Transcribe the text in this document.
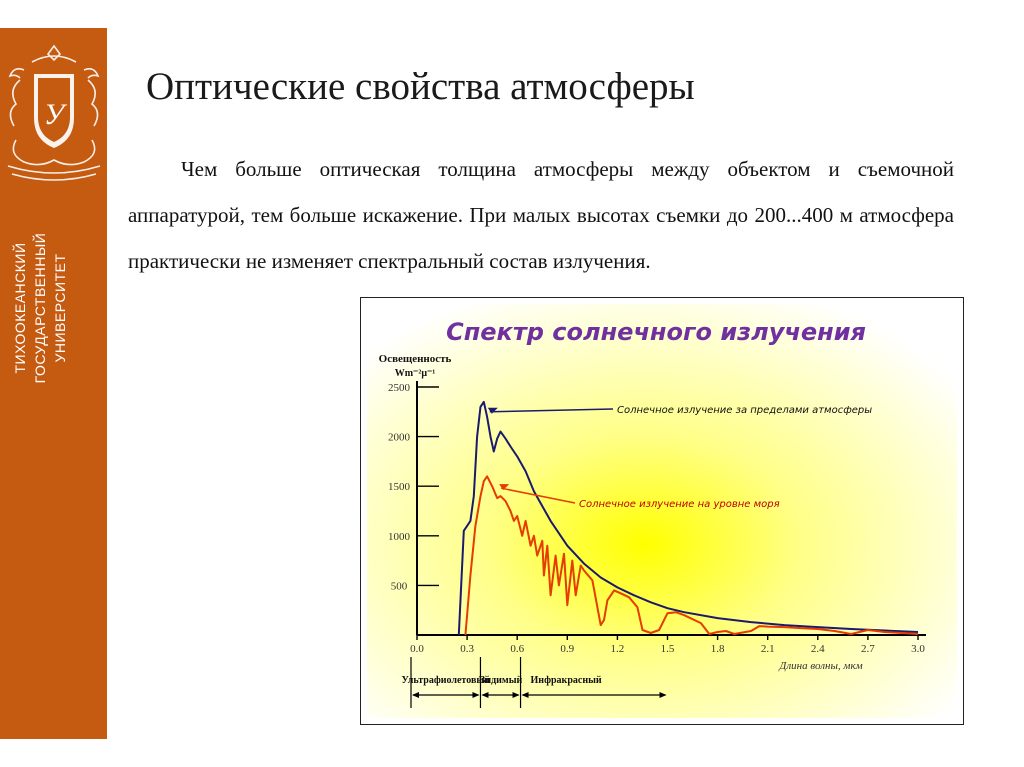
У
ТИХООКЕАНСКИЙ ГОСУДАРСТВЕННЫЙ УНИВЕРСИТЕТ
Оптические свойства атмосферы

Чем больше оптическая толщина атмосферы между объектом и съемочной аппаратурой, тем больше искажение. При малых высотах съемки до 200...400 м атмосфера практически не изменяет спектральный состав излучения.

Спектр солнечного излучения
Освещенность
Wm⁻²μ⁻¹
Длина волны, мкм
500
1000
1500
2000
2500
0.0	0.3	0.6	0.9	1.2	1.5	1.8	2.1	2.4	2.7	3.0
Солнечное излучение за пределами атмосферы
Солнечное излучение на уровне моря
Ультрафиолетовый
Видимый Инфракрасный
